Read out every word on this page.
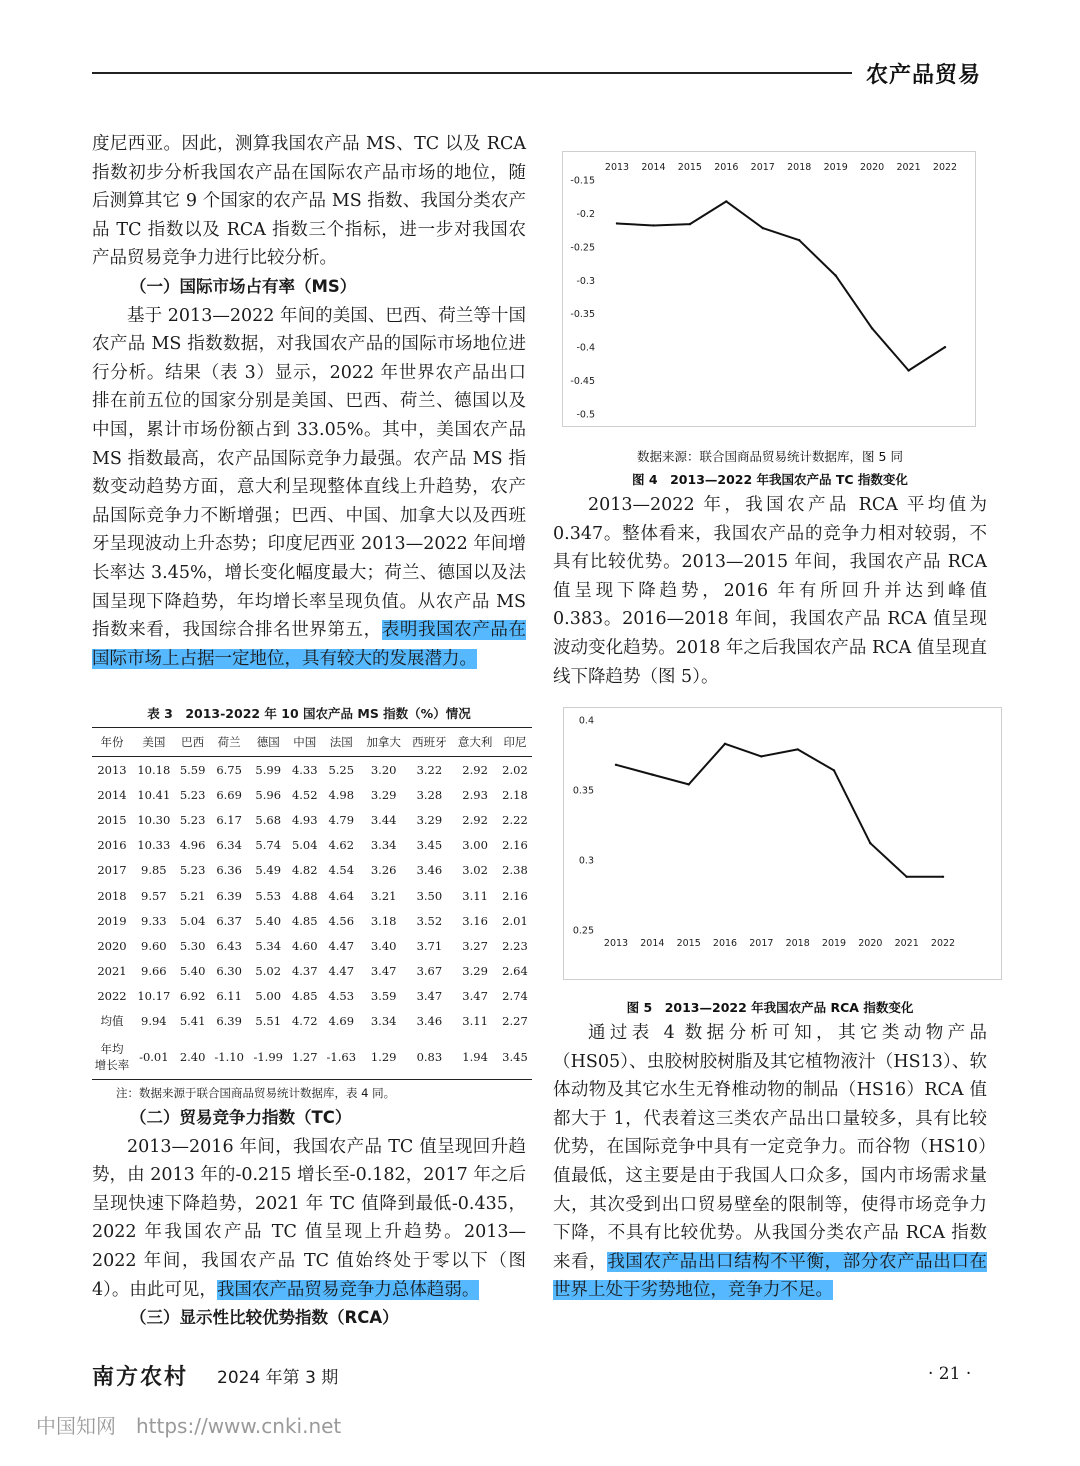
农产品贸易

度尼西亚。因此，测算我国农产品 MS、TC 以及 RCA 指数初步分析我国农产品在国际农产品市场的地位，随后测算其它 9 个国家的农产品 MS 指数、我国分类农产品 TC 指数以及 RCA 指数三个指标，进一步对我国农产品贸易竞争力进行比较分析。

（一）国际市场占有率（MS）

基于 2013—2022 年间的美国、巴西、荷兰等十国农产品 MS 指数数据，对我国农产品的国际市场地位进行分析。结果（表 3）显示，2022 年世界农产品出口排在前五位的国家分别是美国、巴西、荷兰、德国以及中国，累计市场份额占到 33.05%。其中，美国农产品 MS 指数最高，农产品国际竞争力最强。农产品 MS 指数变动趋势方面，意大利呈现整体直线上升趋势，农产品国际竞争力不断增强；巴西、中国、加拿大以及西班牙呈现波动上升态势；印度尼西亚 2013—2022 年间增长率达 3.45%，增长变化幅度最大；荷兰、德国以及法国呈现下降趋势，年均增长率呈现负值。从农产品 MS 指数来看，我国综合排名世界第五，表明我国农产品在国际市场上占据一定地位，具有较大的发展潜力。

表 3　2013-2022 年 10 国农产品 MS 指数（%）情况
年份	美国	巴西	荷兰	德国	中国	法国	加拿大	西班牙	意大利	印尼
2013	10.18	5.59	6.75	5.99	4.33	5.25	3.20	3.22	2.92	2.02
2014	10.41	5.23	6.69	5.96	4.52	4.98	3.29	3.28	2.93	2.18
2015	10.30	5.23	6.17	5.68	4.93	4.79	3.44	3.29	2.92	2.22
2016	10.33	4.96	6.34	5.74	5.04	4.62	3.34	3.45	3.00	2.16
2017	9.85	5.23	6.36	5.49	4.82	4.54	3.26	3.46	3.02	2.38
2018	9.57	5.21	6.39	5.53	4.88	4.64	3.21	3.50	3.11	2.16
2019	9.33	5.04	6.37	5.40	4.85	4.56	3.18	3.52	3.16	2.01
2020	9.60	5.30	6.43	5.34	4.60	4.47	3.40	3.71	3.27	2.23
2021	9.66	5.40	6.30	5.02	4.37	4.47	3.47	3.67	3.29	2.64
2022	10.17	6.92	6.11	5.00	4.85	4.53	3.59	3.47	3.47	2.74
均值	9.94	5.41	6.39	5.51	4.72	4.69	3.34	3.46	3.11	2.27

年均
增长率	-0.01	2.40	-1.10	-1.99	1.27	-1.63	1.29	0.83	1.94	3.45
注：数据来源于联合国商品贸易统计数据库，表 4 同。

（二）贸易竞争力指数（TC）

2013—2016 年间，我国农产品 TC 值呈现回升趋势，由 2013 年的-0.215 增长至-0.182，2017 年之后呈现快速下降趋势，2021 年 TC 值降到最低-0.435，2022 年我国农产品 TC 值呈现上升趋势。2013—2022 年间，我国农产品 TC 值始终处于零以下（图 4）。由此可见，我国农产品贸易竞争力总体趋弱。

（三）显示性比较优势指数（RCA）

-0.15
-0.2
-0.25
-0.3
-0.35
-0.4
-0.45
-0.5
2013 2014 2015 2016 2017 2018 2019 2020 2021 2022
数据来源：联合国商品贸易统计数据库，图 5 同
图 4　2013—2022 年我国农产品 TC 指数变化

2013—2022 年，我国农产品 RCA 平均值为 0.347。整体看来，我国农产品的竞争力相对较弱，不具有比较优势。2013—2015 年间，我国农产品 RCA 值呈现下降趋势，2016 年有所回升并达到峰值 0.383。2016—2018 年间，我国农产品 RCA 值呈现波动变化趋势。2018 年之后我国农产品 RCA 值呈现直线下降趋势（图 5）。

0.4
0.35
0.3
0.25
2013 2014 2015 2016 2017 2018 2019 2020 2021 2022
图 5　2013—2022 年我国农产品 RCA 指数变化

通过表 4 数据分析可知，其它类动物产品（HS05）、虫胶树胶树脂及其它植物液汁（HS13）、软体动物及其它水生无脊椎动物的制品（HS16）RCA 值都大于 1，代表着这三类农产品出口量较多，具有比较优势，在国际竞争中具有一定竞争力。而谷物（HS10）值最低，这主要是由于我国人口众多，国内市场需求量大，其次受到出口贸易壁垒的限制等，使得市场竞争力下降，不具有比较优势。从我国分类农产品 RCA 指数来看，我国农产品出口结构不平衡，部分农产品出口在世界上处于劣势地位，竞争力不足。

南方农村 2024 年第 3 期	· 21 ·
中国知网 https://www.cnki.net
